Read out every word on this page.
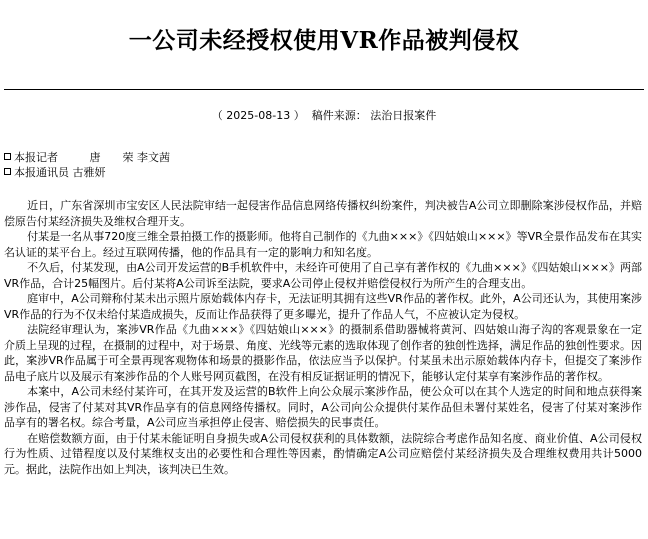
一公司未经授权使用VR作品被判侵权
（ 2025-08-13 ） 稿件来源： 法治日报案件
本报记者	唐　　荣 李文茜
本报通讯员 古雅妍

近日，广东省深圳市宝安区人民法院审结一起侵害作品信息网络传播权纠纷案件，判决被告A公司立即删除案涉侵权作品，并赔偿原告付某经济损失及维权合理开支。

付某是一名从事720度三维全景拍摄工作的摄影师。他将自己制作的《九曲×××》《四姑娘山×××》等VR全景作品发布在其实名认证的某平台上。经过互联网传播，他的作品具有一定的影响力和知名度。

不久后，付某发现，由A公司开发运营的B手机软件中，未经许可使用了自己享有著作权的《九曲×××》《四姑娘山×××》两部VR作品，合计25幅图片。后付某将A公司诉至法院，要求A公司停止侵权并赔偿侵权行为所产生的合理支出。

庭审中，A公司辩称付某未出示照片原始载体内存卡，无法证明其拥有这些VR作品的著作权。此外，A公司还认为，其使用案涉VR作品的行为不仅未给付某造成损失，反而让作品获得了更多曝光，提升了作品人气，不应被认定为侵权。

法院经审理认为，案涉VR作品《九曲×××》《四姑娘山×××》的摄制系借助器械将黄河、四姑娘山海子沟的客观景象在一定介质上呈现的过程，在摄制的过程中，对于场景、角度、光线等元素的选取体现了创作者的独创性选择，满足作品的独创性要求。因此，案涉VR作品属于可全景再现客观物体和场景的摄影作品，依法应当予以保护。付某虽未出示原始载体内存卡，但提交了案涉作品电子底片以及展示有案涉作品的个人账号网页截图，在没有相反证据证明的情况下，能够认定付某享有案涉作品的著作权。

本案中，A公司未经付某许可，在其开发及运营的B软件上向公众展示案涉作品，使公众可以在其个人选定的时间和地点获得案涉作品，侵害了付某对其VR作品享有的信息网络传播权。同时，A公司向公众提供付某作品但未署付某姓名，侵害了付某对案涉作品享有的署名权。综合考量，A公司应当承担停止侵害、赔偿损失的民事责任。

在赔偿数额方面，由于付某未能证明自身损失或A公司侵权获利的具体数额，法院综合考虑作品知名度、商业价值、A公司侵权行为性质、过错程度以及付某维权支出的必要性和合理性等因素，酌情确定A公司应赔偿付某经济损失及合理维权费用共计5000元。据此，法院作出如上判决，该判决已生效。
